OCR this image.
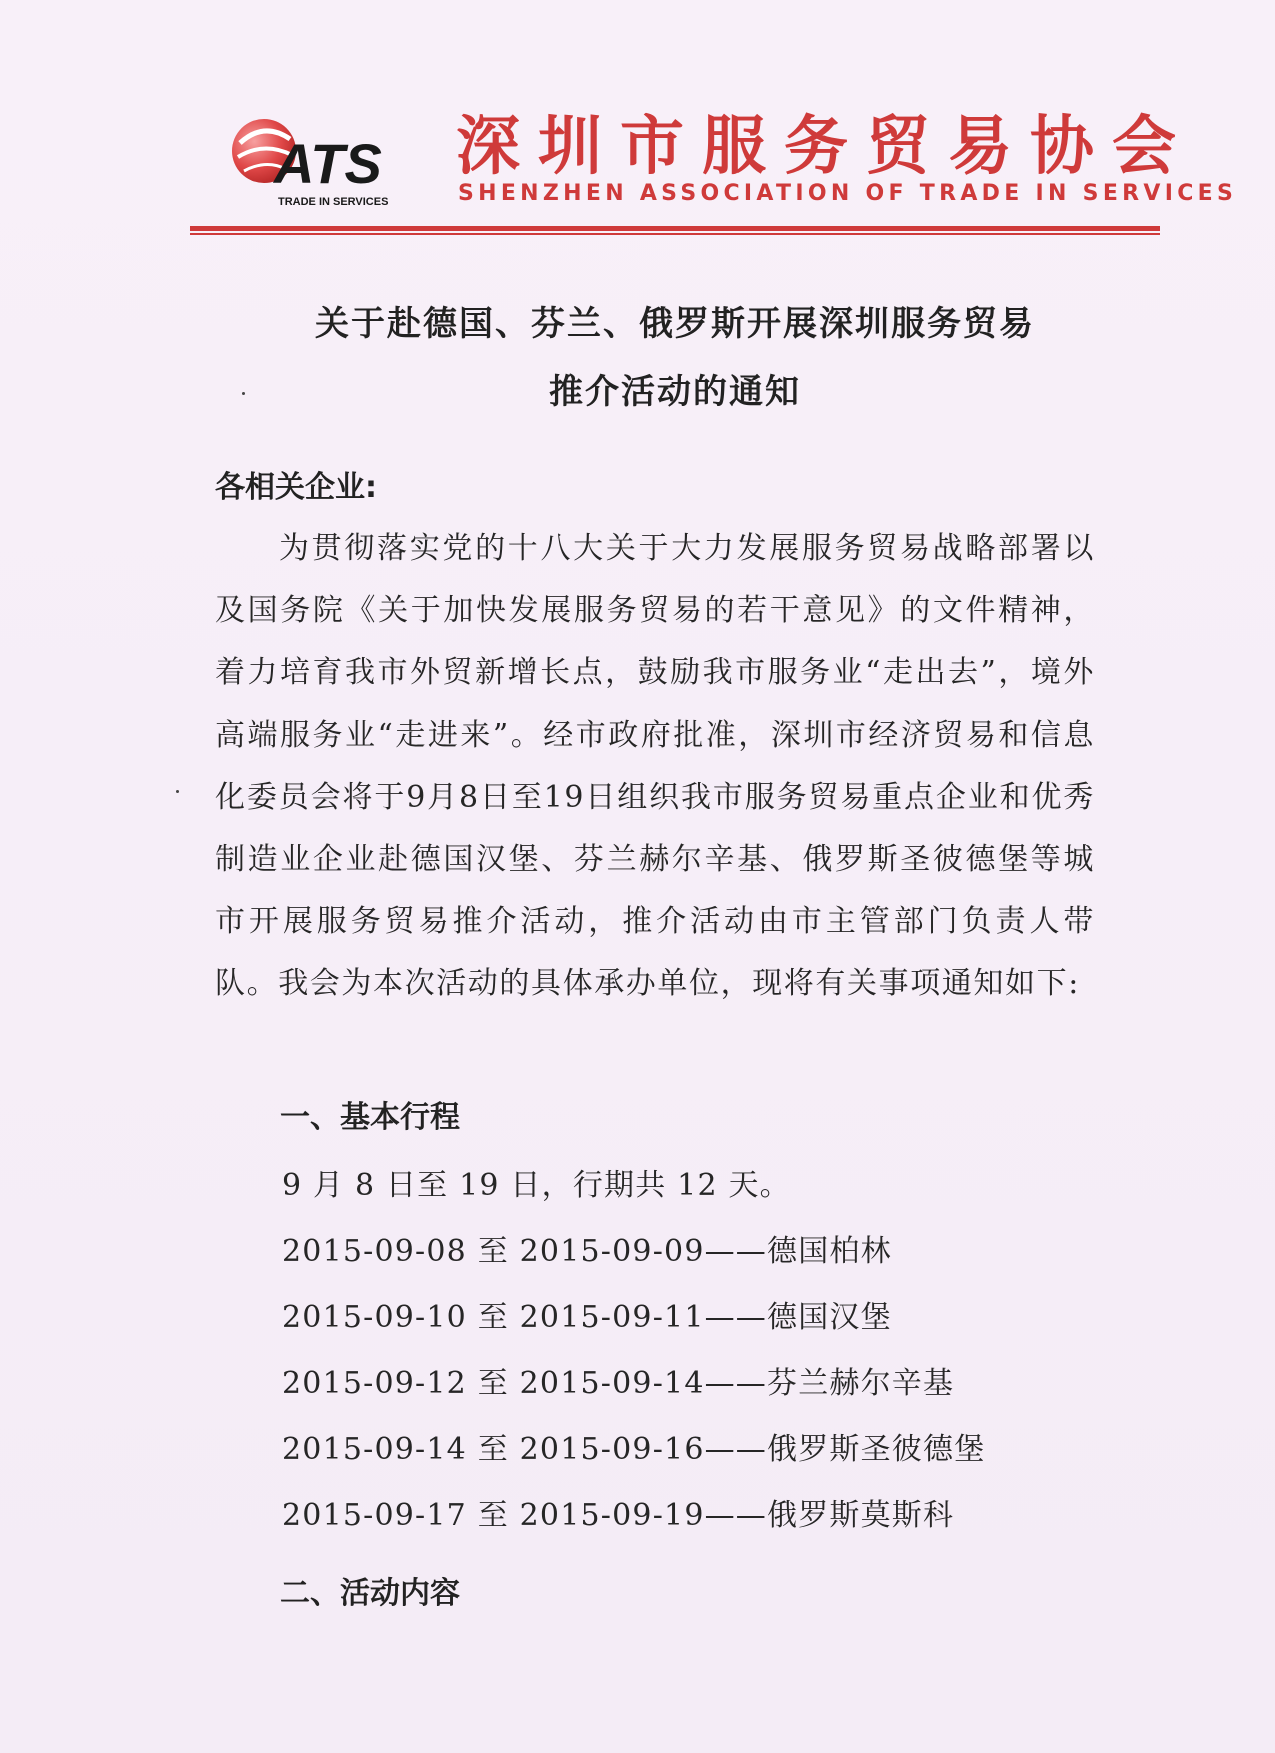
ATS
TRADE IN SERVICES
深圳市服务贸易协会
SHENZHEN ASSOCIATION OF TRADE IN SERVICES
关于赴德国、芬兰、俄罗斯开展深圳服务贸易
推介活动的通知
各相关企业:
为贯彻落实党的十八大关于大力发展服务贸易战略部署以及国务院《关于加快发展服务贸易的若干意见》的文件精神，着力培育我市外贸新增长点，鼓励我市服务业“走出去”，境外高端服务业“走进来”。经市政府批准，深圳市经济贸易和信息化委员会将于9月8日至19日组织我市服务贸易重点企业和优秀制造业企业赴德国汉堡、芬兰赫尔辛基、俄罗斯圣彼德堡等城市开展服务贸易推介活动，推介活动由市主管部门负责人带队。我会为本次活动的具体承办单位，现将有关事项通知如下:
一、基本行程
9 月 8 日至 19 日，行期共 12 天。
2015-09-08 至 2015-09-09——德国柏林
2015-09-10 至 2015-09-11——德国汉堡
2015-09-12 至 2015-09-14——芬兰赫尔辛基
2015-09-14 至 2015-09-16——俄罗斯圣彼德堡
2015-09-17 至 2015-09-19——俄罗斯莫斯科
二、活动内容
